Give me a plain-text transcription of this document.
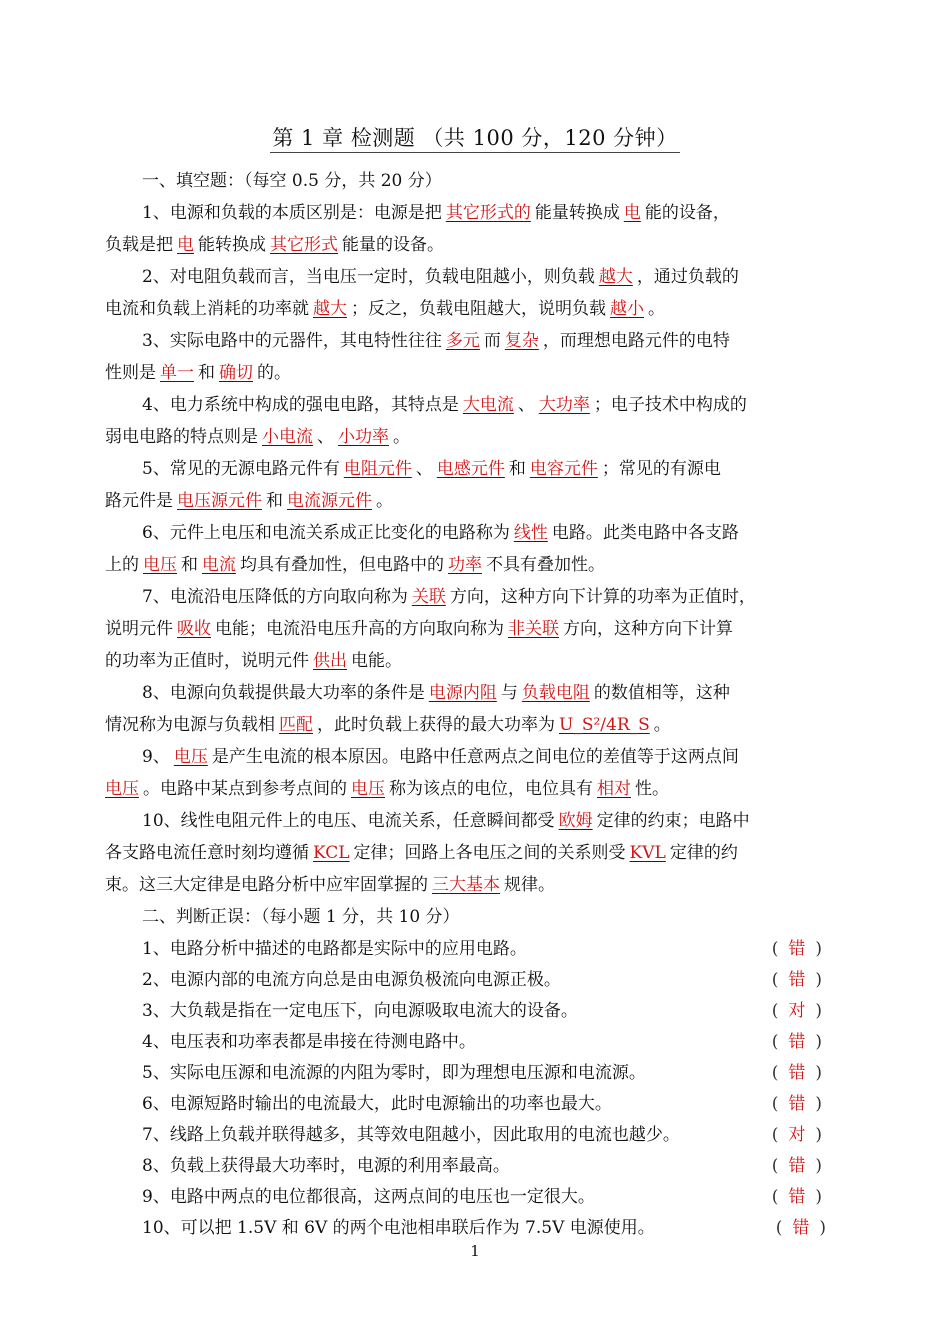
第 1 章 检测题 （共 100 分，120 分钟）
一、填空题：（每空 0.5 分，共 20 分）
1、电源和负载的本质区别是：电源是把 其它形式的 能量转换成 电 能的设备，
负载是把 电 能转换成 其它形式 能量的设备。
2、对电阻负载而言，当电压一定时，负载电阻越小，则负载 越大 ，通过负载的
电流和负载上消耗的功率就 越大 ；反之，负载电阻越大，说明负载 越小 。
3、实际电路中的元器件，其电特性往往 多元 而 复杂 ，而理想电路元件的电特
性则是 单一 和 确切 的。
4、电力系统中构成的强电电路，其特点是 大电流 、 大功率 ；电子技术中构成的
弱电电路的特点则是 小电流 、 小功率 。
5、常见的无源电路元件有 电阻元件 、 电感元件 和 电容元件 ；常见的有源电
路元件是 电压源元件 和 电流源元件 。
6、元件上电压和电流关系成正比变化的电路称为 线性 电路。此类电路中各支路
上的 电压 和 电流 均具有叠加性，但电路中的 功率 不具有叠加性。
7、电流沿电压降低的方向取向称为 关联 方向，这种方向下计算的功率为正值时，
说明元件 吸收 电能；电流沿电压升高的方向取向称为 非关联 方向，这种方向下计算
的功率为正值时，说明元件 供出 电能。
8、电源向负载提供最大功率的条件是 电源内阻 与 负载电阻 的数值相等，这种
情况称为电源与负载相 匹配 ，此时负载上获得的最大功率为 U_S²/4R_S 。
9、 电压 是产生电流的根本原因。电路中任意两点之间电位的差值等于这两点间
电压 。电路中某点到参考点间的 电压 称为该点的电位，电位具有 相对 性。
10、线性电阻元件上的电压、电流关系，任意瞬间都受 欧姆 定律的约束；电路中
各支路电流任意时刻均遵循 KCL 定律；回路上各电压之间的关系则受 KVL 定律的约
束。这三大定律是电路分析中应牢固掌握的 三大基本 规律。
二、判断正误：（每小题 1 分，共 10 分）
1、电路分析中描述的电路都是实际中的应用电路。	( 错 )
2、电源内部的电流方向总是由电源负极流向电源正极。	( 错 )
3、大负载是指在一定电压下，向电源吸取电流大的设备。	( 对 )
4、电压表和功率表都是串接在待测电路中。	( 错 )
5、实际电压源和电流源的内阻为零时，即为理想电压源和电流源。	( 错 )
6、电源短路时输出的电流最大，此时电源输出的功率也最大。	( 错 )
7、线路上负载并联得越多，其等效电阻越小，因此取用的电流也越少。	( 对 )
8、负载上获得最大功率时，电源的利用率最高。	( 错 )
9、电路中两点的电位都很高，这两点间的电压也一定很大。	( 错 )
10、可以把 1.5V 和 6V 的两个电池相串联后作为 7.5V 电源使用。	( 错 )
1
